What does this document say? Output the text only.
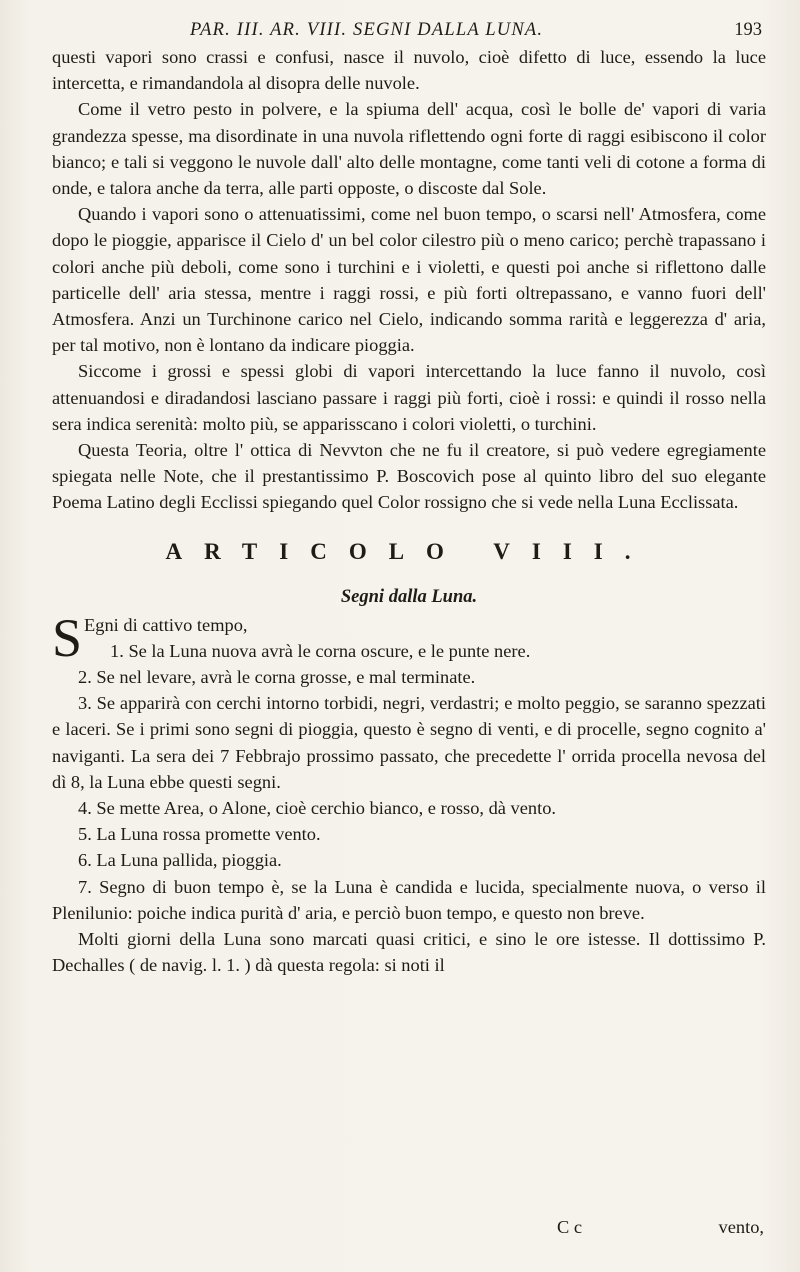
PAR. III. AR. VIII. SEGNI DALLA LUNA.	193

questi vapori sono crassi e confusi, nasce il nuvolo, cioè difetto di luce, essendo la luce intercetta, e rimandandola al disopra delle nuvole.

Come il vetro pesto in polvere, e la spiuma dell' acqua, così le bolle de' vapori di varia grandezza spesse, ma disordinate in una nuvola riflettendo ogni forte di raggi esibiscono il color bianco; e tali si veggono le nuvole dall' alto delle montagne, come tanti veli di cotone a forma di onde, e talora anche da terra, alle parti opposte, o discoste dal Sole.

Quando i vapori sono o attenuatissimi, come nel buon tempo, o scarsi nell' Atmosfera, come dopo le pioggie, apparisce il Cielo d' un bel color cilestro più o meno carico; perchè trapassano i colori anche più deboli, come sono i turchini e i violetti, e questi poi anche si riflettono dalle particelle dell' aria stessa, mentre i raggi rossi, e più forti oltrepassano, e vanno fuori dell' Atmosfera. Anzi un Turchinone carico nel Cielo, indicando somma rarità e leggerezza d' aria, per tal motivo, non è lontano da indicare pioggia.

Siccome i grossi e spessi globi di vapori intercettando la luce fanno il nuvolo, così attenuandosi e diradandosi lasciano passare i raggi più forti, cioè i rossi: e quindi il rosso nella sera indica serenità: molto più, se apparisscano i colori violetti, o turchini.

Questa Teoria, oltre l' ottica di Nevvton che ne fu il creatore, si può vedere egregiamente spiegata nelle Note, che il prestantissimo P. Boscovich pose al quinto libro del suo elegante Poema Latino degli Ecclissi spiegando quel Color rossigno che si vede nella Luna Ecclissata.

ARTICOLO VIII.
Segni dalla Luna.

S Egni di cattivo tempo,

1. Se la Luna nuova avrà le corna oscure, e le punte nere.

2. Se nel levare, avrà le corna grosse, e mal terminate.

3. Se apparirà con cerchi intorno torbidi, negri, verdastri; e molto peggio, se saranno spezzati e laceri. Se i primi sono segni di pioggia, questo è segno di venti, e di procelle, segno cognito a' naviganti. La sera dei 7 Febbrajo prossimo passato, che precedette l' orrida procella nevosa del dì 8, la Luna ebbe questi segni.

4. Se mette Area, o Alone, cioè cerchio bianco, e rosso, dà vento.

5. La Luna rossa promette vento.

6. La Luna pallida, pioggia.

7. Segno di buon tempo è, se la Luna è candida e lucida, specialmente nuova, o verso il Plenilunio: poiche indica purità d' aria, e perciò buon tempo, e questo non breve.

Molti giorni della Luna sono marcati quasi critici, e sino le ore istesse. Il dottissimo P. Dechalles ( de navig. l. 1. ) dà questa regola: si noti il

C c	vento,
